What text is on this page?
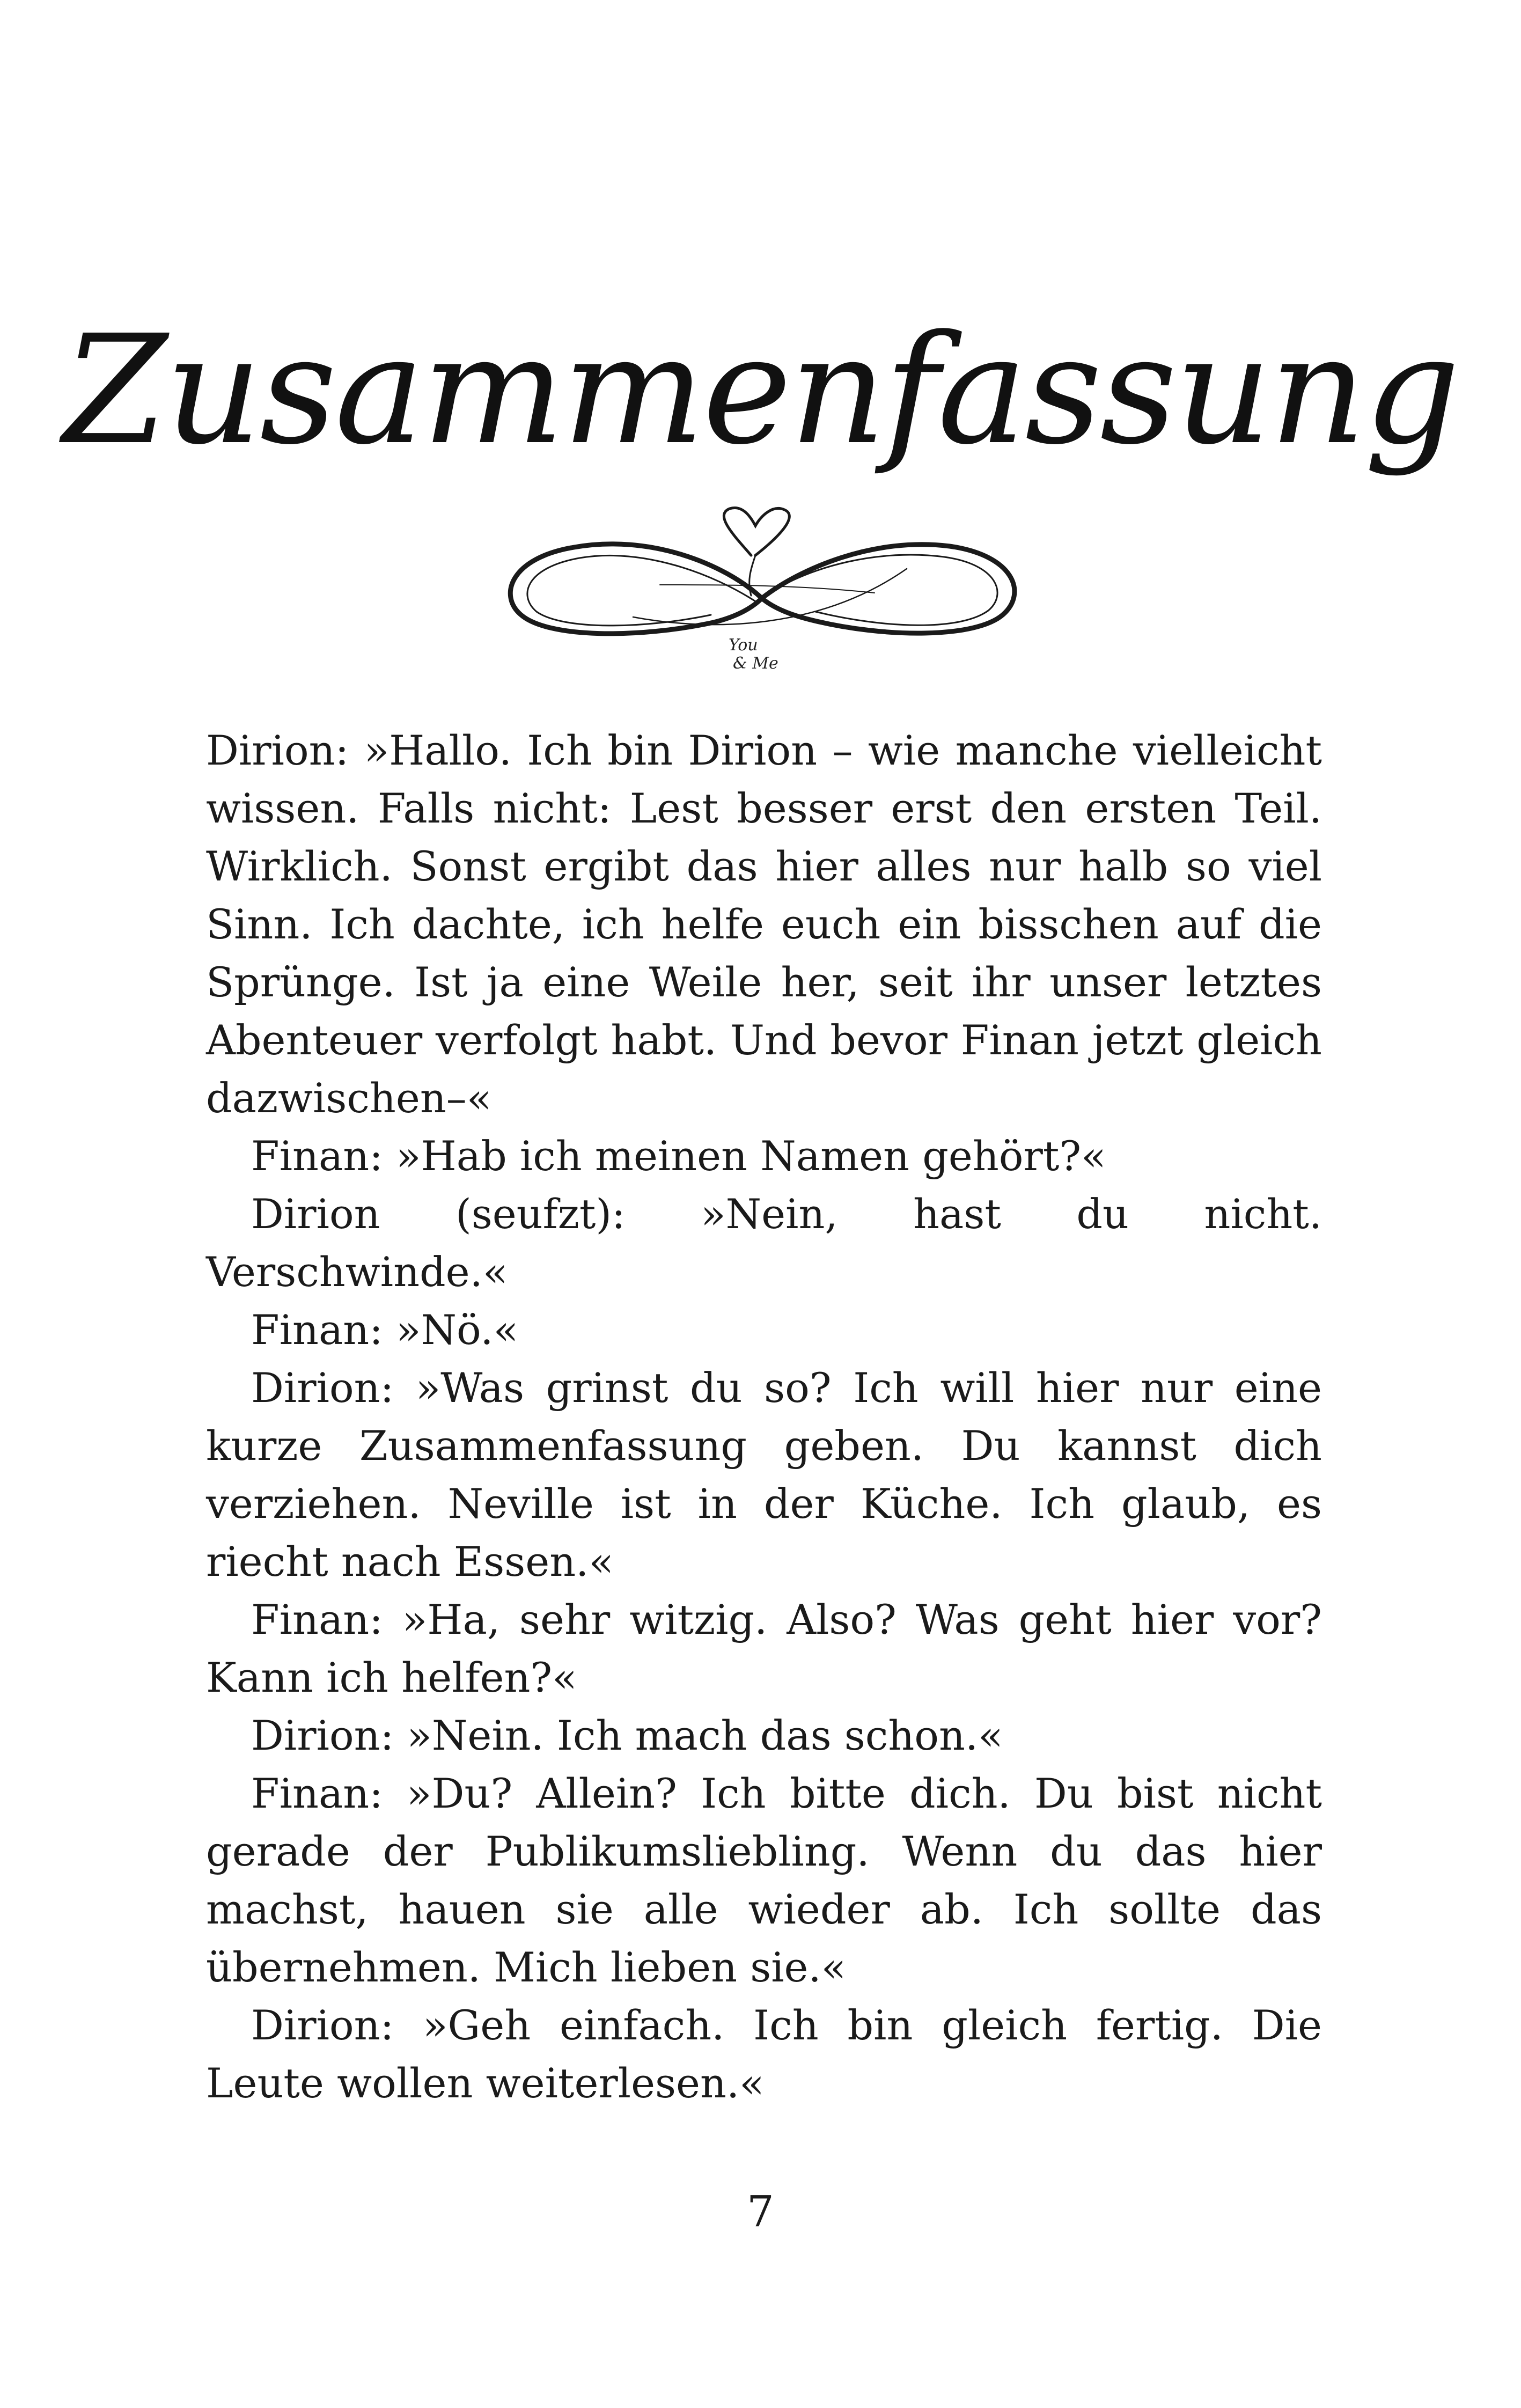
Zusammenfassung
You
& Me

Dirion: »Hallo. Ich bin Dirion – wie manche vielleicht wissen. Falls nicht: Lest besser erst den ersten Teil. Wirklich. Sonst ergibt das hier alles nur halb so viel Sinn. Ich dachte, ich helfe euch ein bisschen auf die Sprünge. Ist ja eine Weile her, seit ihr unser letztes Abenteuer verfolgt habt. Und bevor Finan jetzt gleich dazwischen–«

Finan: »Hab ich meinen Namen gehört?«

Dirion (seufzt): »Nein, hast du nicht. Verschwinde.«

Finan: »Nö.«

Dirion: »Was grinst du so? Ich will hier nur eine kurze Zusammenfassung geben. Du kannst dich verziehen. Neville ist in der Küche. Ich glaub, es riecht nach Essen.«

Finan: »Ha, sehr witzig. Also? Was geht hier vor? Kann ich helfen?«

Dirion: »Nein. Ich mach das schon.«

Finan: »Du? Allein? Ich bitte dich. Du bist nicht gerade der Publikumsliebling. Wenn du das hier machst, hauen sie alle wieder ab. Ich sollte das übernehmen. Mich lieben sie.«

Dirion: »Geh einfach. Ich bin gleich fertig. Die Leute wollen weiterlesen.«

7
